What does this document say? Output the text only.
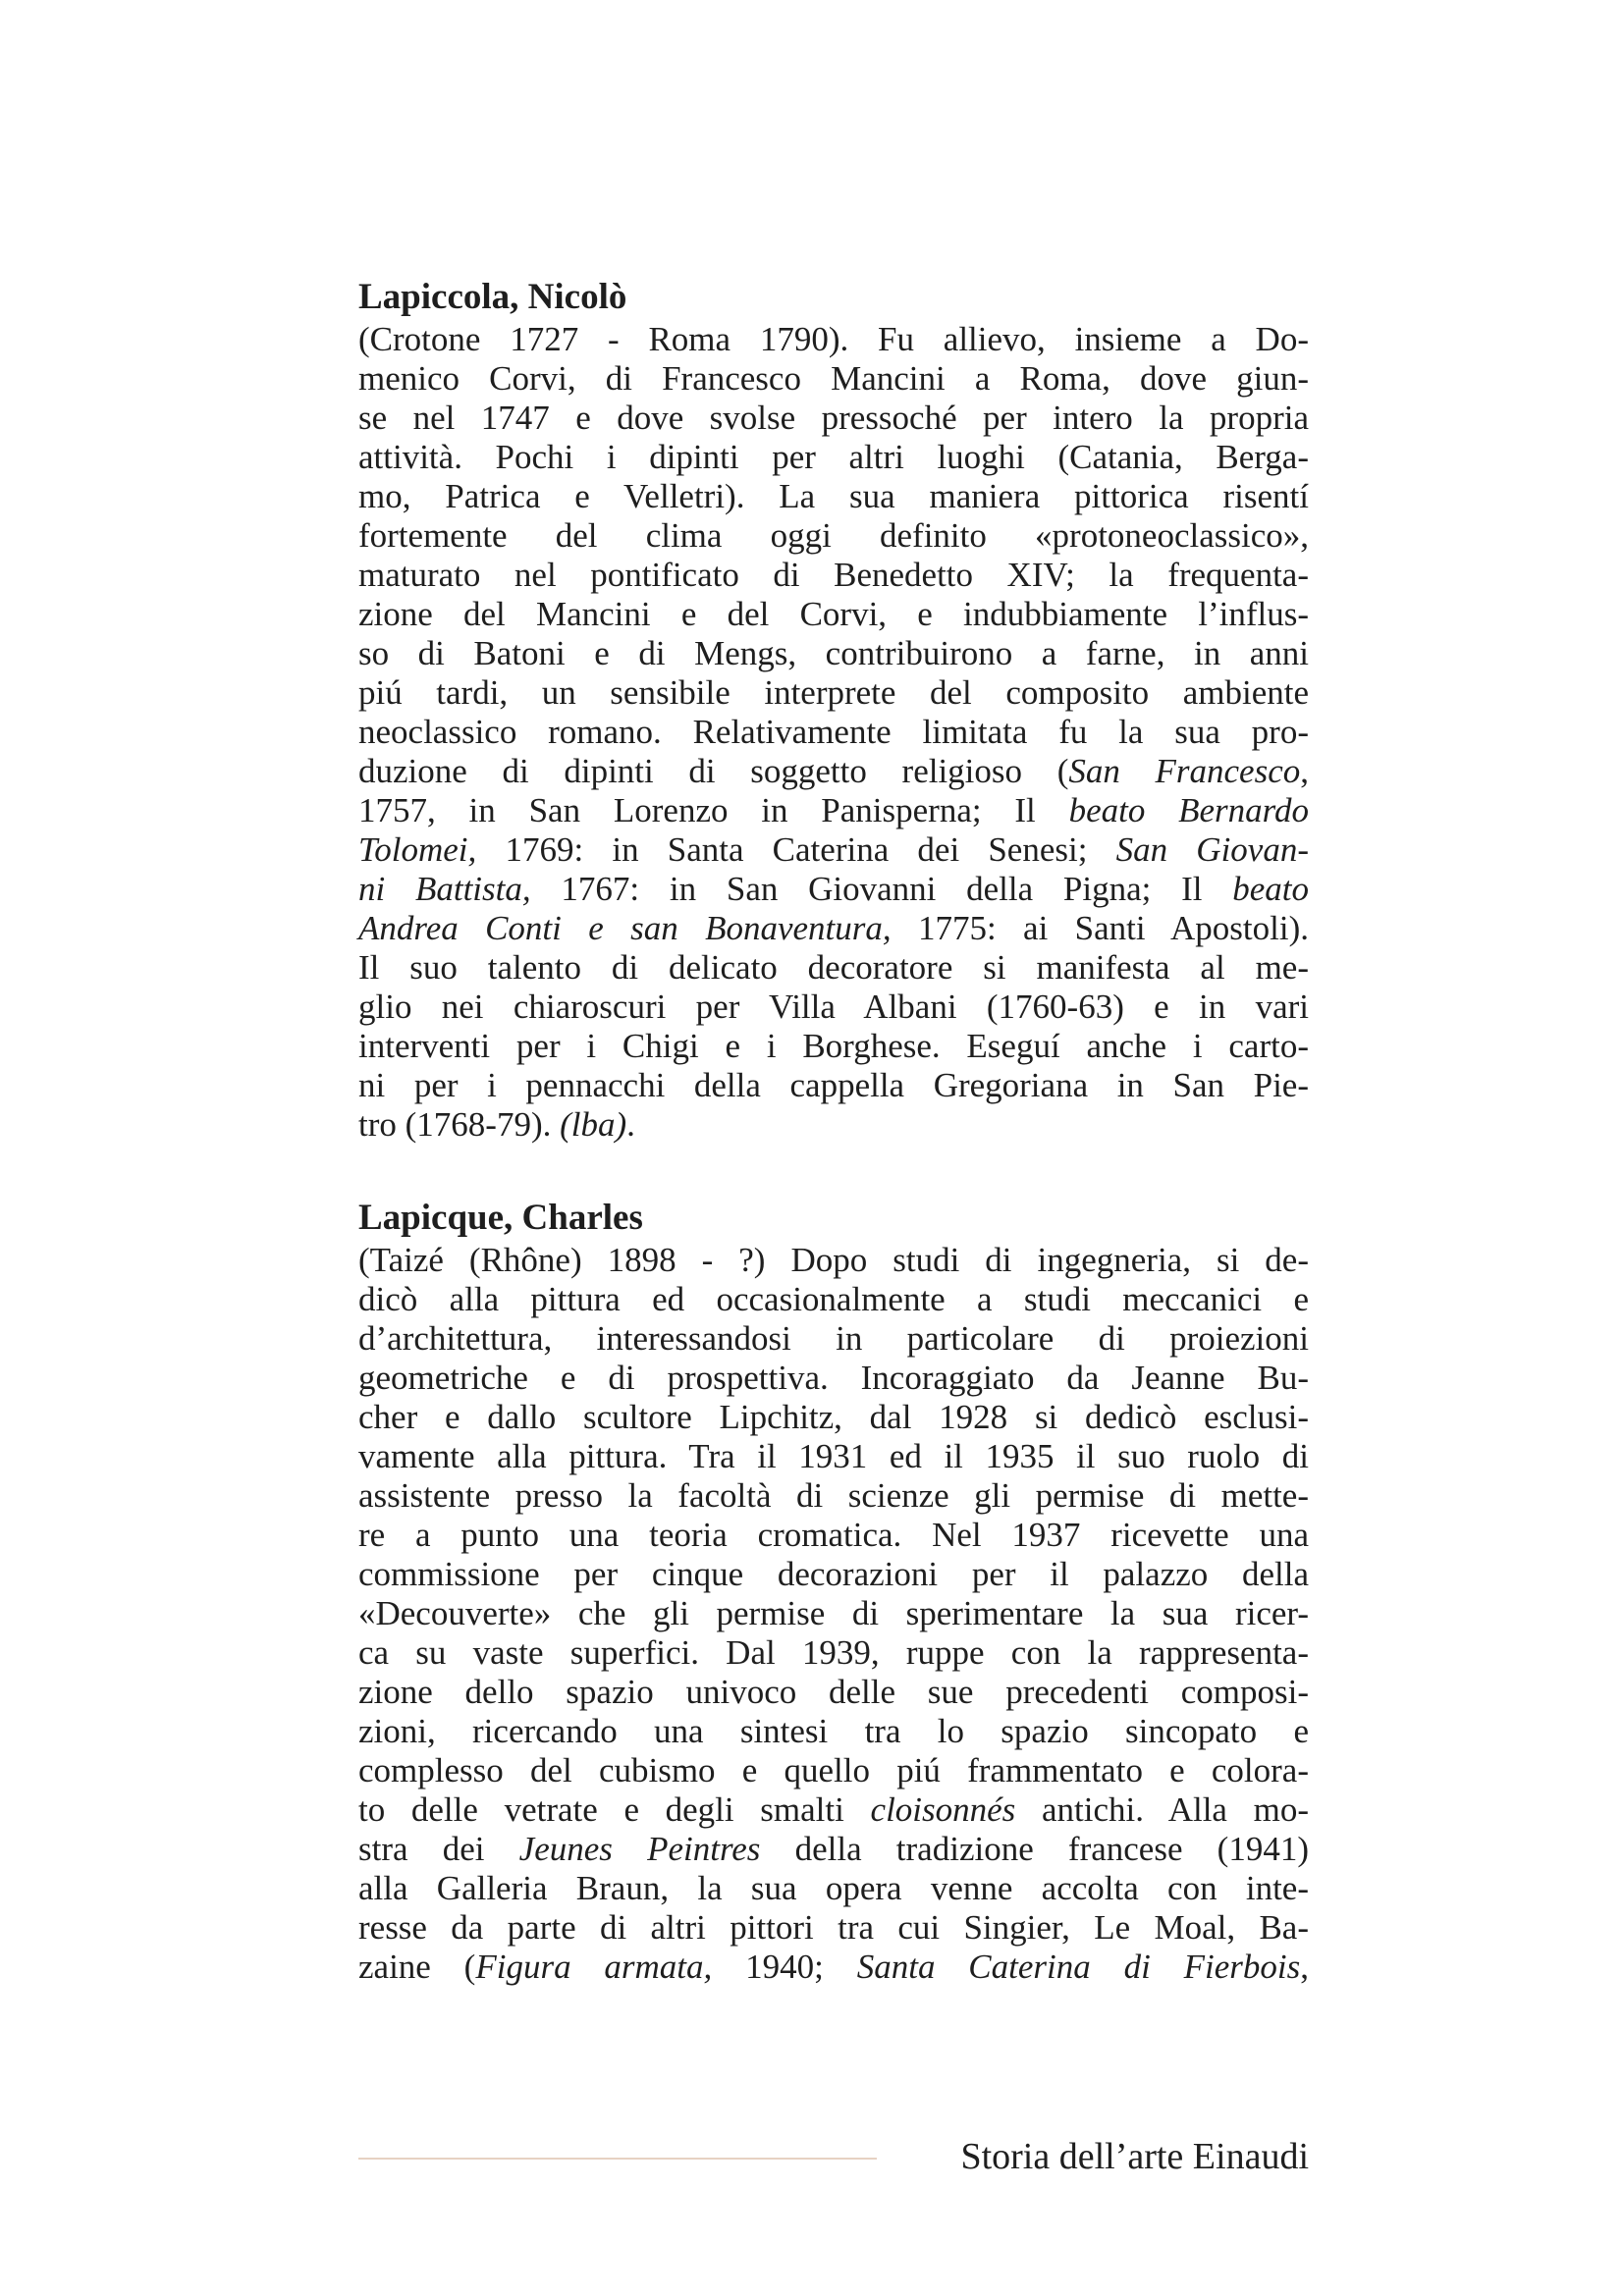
Lapiccola, Nicolò

(Crotone 1727 - Roma 1790). Fu allievo, insieme a Do-
menico Corvi, di Francesco Mancini a Roma, dove giun-
se nel 1747 e dove svolse pressoché per intero la propria
attività. Pochi i dipinti per altri luoghi (Catania, Berga-
mo, Patrica e Velletri). La sua maniera pittorica risentí
fortemente del clima oggi definito «protoneoclassico»,
maturato nel pontificato di Benedetto XIV; la frequenta-
zione del Mancini e del Corvi, e indubbiamente l’influs-
so di Batoni e di Mengs, contribuirono a farne, in anni
piú tardi, un sensibile interprete del composito ambiente
neoclassico romano. Relativamente limitata fu la sua pro-
duzione di dipinti di soggetto religioso (San Francesco,
1757, in San Lorenzo in Panisperna; Il beato Bernardo
Tolomei, 1769: in Santa Caterina dei Senesi; San Giovan-
ni Battista, 1767: in San Giovanni della Pigna; Il beato
Andrea Conti e san Bonaventura, 1775: ai Santi Apostoli).
Il suo talento di delicato decoratore si manifesta al me-
glio nei chiaroscuri per Villa Albani (1760-63) e in vari
interventi per i Chigi e i Borghese. Eseguí anche i carto-
ni per i pennacchi della cappella Gregoriana in San Pie-
tro (1768-79). (lba).

Lapicque, Charles

(Taizé (Rhône) 1898 - ?) Dopo studi di ingegneria, si de-
dicò alla pittura ed occasionalmente a studi meccanici e
d’architettura, interessandosi in particolare di proiezioni
geometriche e di prospettiva. Incoraggiato da Jeanne Bu-
cher e dallo scultore Lipchitz, dal 1928 si dedicò esclusi-
vamente alla pittura. Tra il 1931 ed il 1935 il suo ruolo di
assistente presso la facoltà di scienze gli permise di mette-
re a punto una teoria cromatica. Nel 1937 ricevette una
commissione per cinque decorazioni per il palazzo della
«Decouverte» che gli permise di sperimentare la sua ricer-
ca su vaste superfici. Dal 1939, ruppe con la rappresenta-
zione dello spazio univoco delle sue precedenti composi-
zioni, ricercando una sintesi tra lo spazio sincopato e
complesso del cubismo e quello piú frammentato e colora-
to delle vetrate e degli smalti cloisonnés antichi. Alla mo-
stra dei Jeunes Peintres della tradizione francese (1941)
alla Galleria Braun, la sua opera venne accolta con inte-
resse da parte di altri pittori tra cui Singier, Le Moal, Ba-
zaine (Figura armata, 1940; Santa Caterina di Fierbois,

Storia dell’arte Einaudi
